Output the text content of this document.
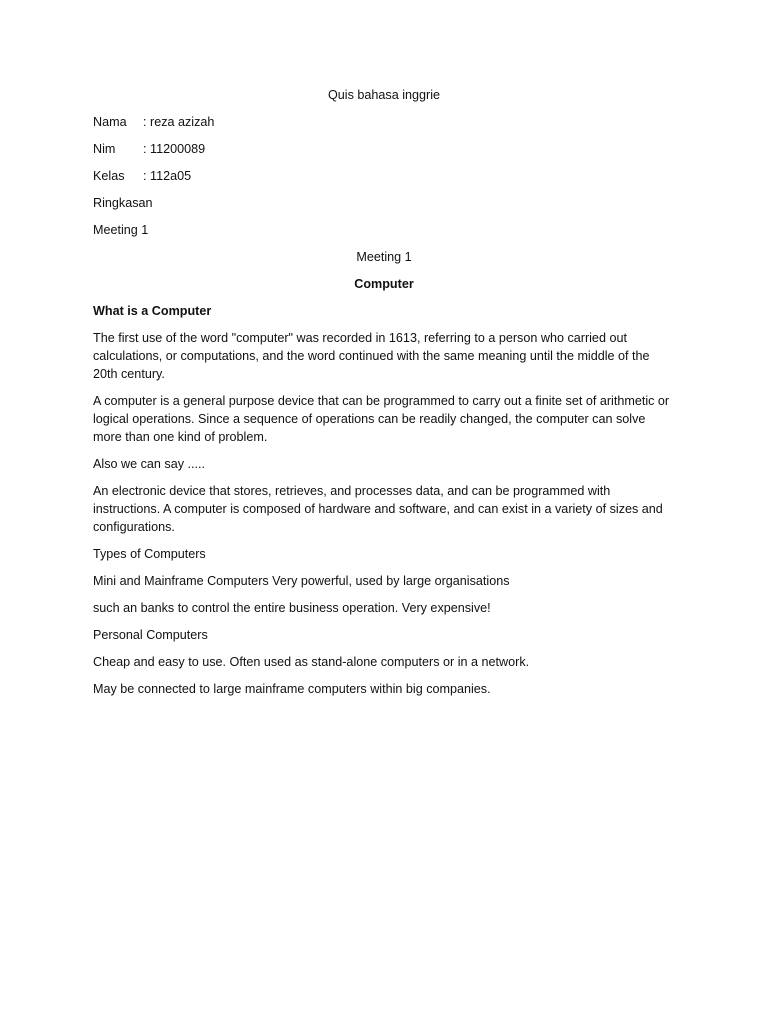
Quis bahasa inggrie
Nama	: reza azizah
Nim	: 11200089
Kelas	: 112a05
Ringkasan
Meeting 1
Meeting 1
Computer
What is a Computer

The first use of the word "computer" was recorded in 1613, referring to a person who carried out calculations, or computations, and the word continued with the same meaning until the middle of the 20th century.

A computer is a general purpose device that can be programmed to carry out a finite set of arithmetic or logical operations. Since a sequence of operations can be readily changed, the computer can solve more than one kind of problem.

Also we can say .....

An electronic device that stores, retrieves, and processes data, and can be programmed with instructions. A computer is composed of hardware and software, and can exist in a variety of sizes and configurations.

Types of Computers
Mini and Mainframe Computers Very powerful, used by large organisations
such an banks to control the entire business operation. Very expensive!
Personal Computers
Cheap and easy to use. Often used as stand-alone computers or in a network.
May be connected to large mainframe computers within big companies.
